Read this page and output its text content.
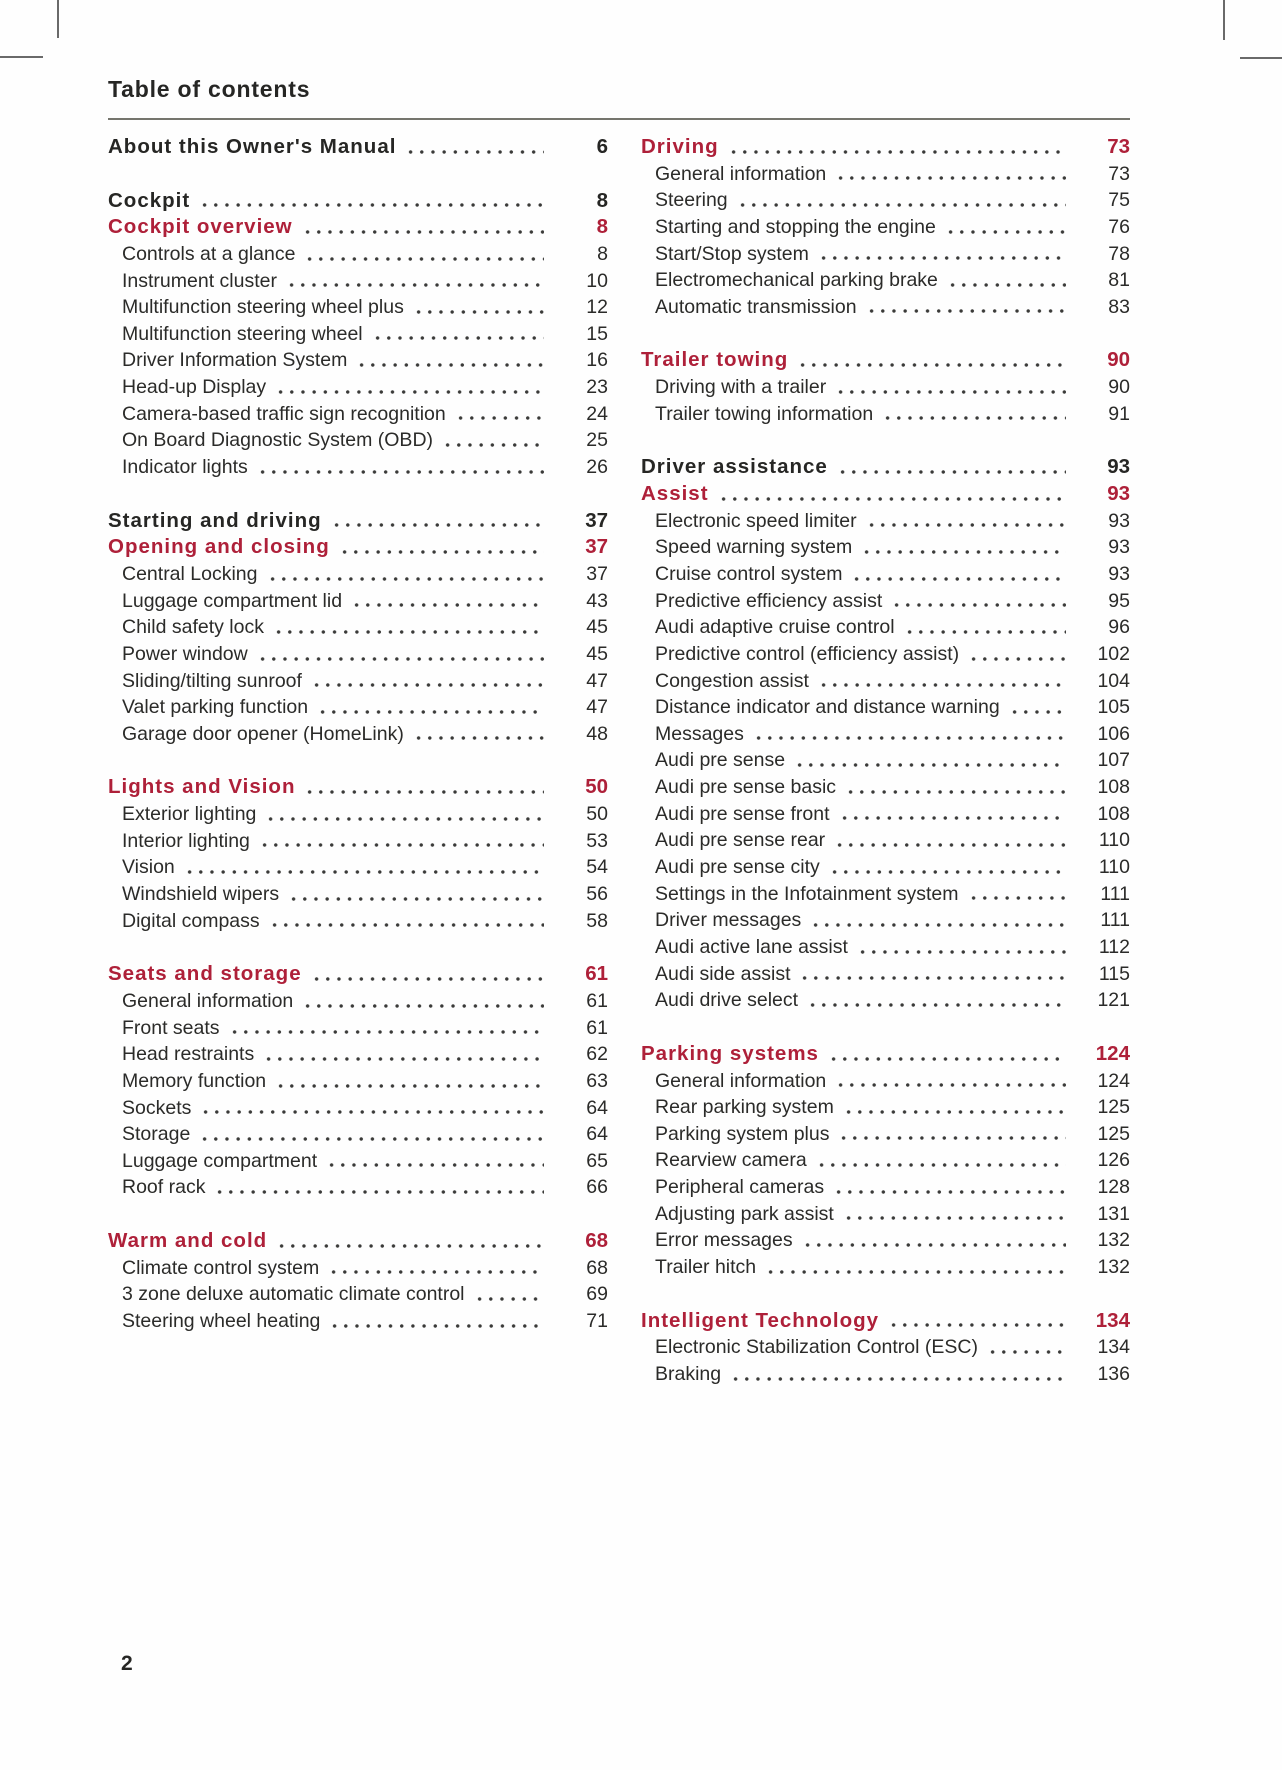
Table of contents
About this Owner's Manual	6
Cockpit	8
Cockpit overview	8
Controls at a glance	8
Instrument cluster	10
Multifunction steering wheel plus	12
Multifunction steering wheel	15
Driver Information System	16
Head-up Display	23
Camera-based traffic sign recognition	24
On Board Diagnostic System (OBD)	25
Indicator lights	26
Starting and driving	37
Opening and closing	37
Central Locking	37
Luggage compartment lid	43
Child safety lock	45
Power window	45
Sliding/tilting sunroof	47
Valet parking function	47
Garage door opener (HomeLink)	48
Lights and Vision	50
Exterior lighting	50
Interior lighting	53
Vision	54
Windshield wipers	56
Digital compass	58
Seats and storage	61
General information	61
Front seats	61
Head restraints	62
Memory function	63
Sockets	64
Storage	64
Luggage compartment	65
Roof rack	66
Warm and cold	68
Climate control system	68
3 zone deluxe automatic climate control	69
Steering wheel heating	71
Driving	73
General information	73
Steering	75
Starting and stopping the engine	76
Start/Stop system	78
Electromechanical parking brake	81
Automatic transmission	83
Trailer towing	90
Driving with a trailer	90
Trailer towing information	91
Driver assistance	93
Assist	93
Electronic speed limiter	93
Speed warning system	93
Cruise control system	93
Predictive efficiency assist	95
Audi adaptive cruise control	96
Predictive control (efficiency assist)	102
Congestion assist	104
Distance indicator and distance warning	105
Messages	106
Audi pre sense	107
Audi pre sense basic	108
Audi pre sense front	108
Audi pre sense rear	110
Audi pre sense city	110
Settings in the Infotainment system	111
Driver messages	111
Audi active lane assist	112
Audi side assist	115
Audi drive select	121
Parking systems	124
General information	124
Rear parking system	125
Parking system plus	125
Rearview camera	126
Peripheral cameras	128
Adjusting park assist	131
Error messages	132
Trailer hitch	132
Intelligent Technology	134
Electronic Stabilization Control (ESC)	134
Braking	136
2
